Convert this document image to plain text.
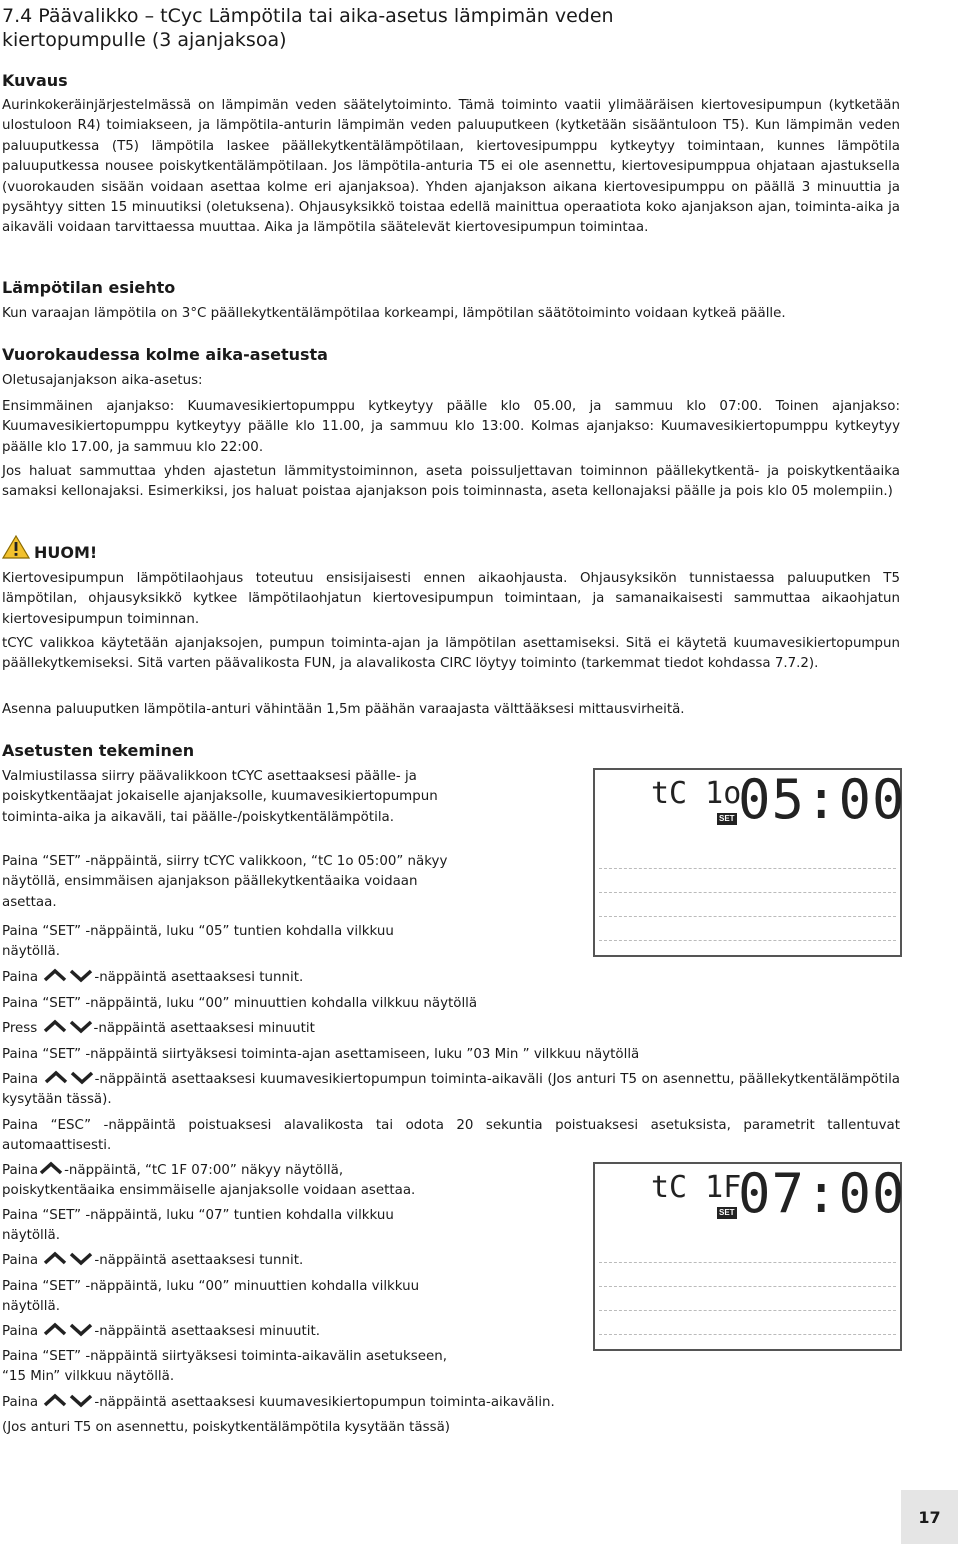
7.4 Päävalikko – tCyc Lämpötila tai aika-asetus lämpimän veden kiertopumpulle (3 ajanjaksoa)
Kuvaus

Aurinkokeräinjärjestelmässä on lämpimän veden säätelytoiminto. Tämä toiminto vaatii ylimääräisen kiertovesipumpun (kytketään ulostuloon R4) toimiakseen, ja lämpötila-anturin lämpimän veden paluuputkeen (kytketään sisääntuloon T5). Kun lämpimän veden paluuputkessa (T5) lämpötila laskee päällekytkentälämpötilaan, kiertovesipumppu kytkeytyy toimintaan, kunnes lämpötila paluuputkessa nousee poiskytkentälämpötilaan. Jos lämpötila-anturia T5 ei ole asennettu, kiertovesipumppua ohjataan ajastuksella (vuorokauden sisään voidaan asettaa kolme eri ajanjaksoa). Yhden ajanjakson aikana kiertovesipumppu on päällä 3 minuuttia ja pysähtyy sitten 15 minuutiksi (oletuksena). Ohjausyksikkö toistaa edellä mainittua operaatiota koko ajanjakson ajan, toiminta-aika ja aikaväli voidaan tarvittaessa muuttaa. Aika ja lämpötila säätelevät kiertovesipumpun toimintaa.

Lämpötilan esiehto

Kun varaajan lämpötila on 3°C päällekytkentälämpötilaa korkeampi, lämpötilan säätötoiminto voidaan kytkeä päälle.

Vuorokaudessa kolme aika-asetusta

Oletusajanjakson aika-asetus:

Ensimmäinen ajanjakso: Kuumavesikiertopumppu kytkeytyy päälle klo 05.00, ja sammuu klo 07:00. Toinen ajanjakso: Kuumavesikiertopumppu kytkeytyy päälle klo 11.00, ja sammuu klo 13:00. Kolmas ajanjakso: Kuumavesikiertopumppu kytkeytyy päälle klo 17.00, ja sammuu klo 22:00.

Jos haluat sammuttaa yhden ajastetun lämmitystoiminnon, aseta poissuljettavan toiminnon päällekytkentä- ja poiskytkentäaika samaksi kellonajaksi. Esimerkiksi, jos haluat poistaa ajanjakson pois toiminnasta, aseta kellonajaksi päälle ja pois klo 05 molempiin.)

HUOM!

Kiertovesipumpun lämpötilaohjaus toteutuu ensisijaisesti ennen aikaohjausta. Ohjausyksikön tunnistaessa paluuputken T5 lämpötilan, ohjausyksikkö kytkee lämpötilaohjatun kiertovesipumpun toimintaan, ja samanaikaisesti sammuttaa aikaohjatun kiertovesipumpun toiminnan.

tCYC valikkoa käytetään ajanjaksojen, pumpun toiminta-ajan ja lämpötilan asettamiseksi. Sitä ei käytetä kuumavesikiertopumpun päällekytkemiseksi. Sitä varten päävalikosta FUN, ja alavalikosta CIRC löytyy toiminto (tarkemmat tiedot kohdassa 7.7.2).

Asenna paluuputken lämpötila-anturi vähintään 1,5m päähän varaajasta välttääksesi mittausvirheitä.

Asetusten tekeminen

Valmiustilassa siirry päävalikkoon tCYC asettaaksesi päälle- ja poiskytkentäajat jokaiselle ajanjaksolle, kuumavesikiertopumpun toiminta-aika ja aikaväli, tai päälle-/poiskytkentälämpötila.

Paina “SET” -näppäintä, siirry tCYC valikkoon, “tC 1o 05:00” näkyy näytöllä, ensimmäisen ajanjakson päällekytkentäaika voidaan asettaa.

Paina “SET” -näppäintä, luku “05” tuntien kohdalla vilkkuu näytöllä.

Paina	-näppäintä asettaaksesi tunnit.

Paina “SET” -näppäintä, luku “00” minuuttien kohdalla vilkkuu näytöllä

Press	-näppäintä asettaaksesi minuutit

Paina “SET” -näppäintä siirtyäksesi toiminta-ajan asettamiseen, luku ”03 Min ” vilkkuu näytöllä

Paina	-näppäintä asettaaksesi kuumavesikiertopumpun toiminta-aikaväli (Jos anturi T5 on asennettu, päällekytkentälämpötila kysytään tässä).

Paina “ESC” -näppäintä poistuaksesi alavalikosta tai odota 20 sekuntia poistuaksesi asetuksista, parametrit tallentuvat automaattisesti.

Paina -näppäintä, “tC 1F 07:00” näkyy näytöllä, poiskytkentäaika ensimmäiselle ajanjaksolle voidaan asettaa.

Paina “SET” -näppäintä, luku “07” tuntien kohdalla vilkkuu näytöllä.

Paina	-näppäintä asettaaksesi tunnit.

Paina “SET” -näppäintä, luku “00” minuuttien kohdalla vilkkuu näytöllä.

Paina	-näppäintä asettaaksesi minuutit.

Paina “SET” -näppäintä siirtyäksesi toiminta-aikavälin asetukseen, “15 Min” vilkkuu näytöllä.

Paina	-näppäintä asettaaksesi kuumavesikiertopumpun toiminta-aikavälin.

(Jos anturi T5 on asennettu, poiskytkentälämpötila kysytään tässä)

tC 1o
05:00
SET
tC 1F
07:00
SET
17
